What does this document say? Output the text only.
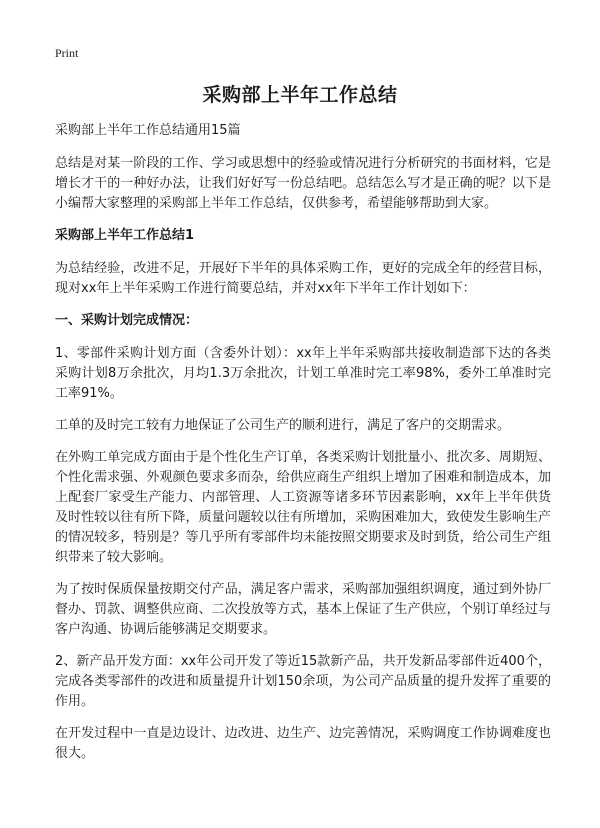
Print
采购部上半年工作总结

采购部上半年工作总结通用15篇

总结是对某一阶段的工作、学习或思想中的经验或情况进行分析研究的书面材料，它是增长才干的一种好办法，让我们好好写一份总结吧。总结怎么写才是正确的呢？以下是小编帮大家整理的采购部上半年工作总结，仅供参考，希望能够帮助到大家。

采购部上半年工作总结1

为总结经验，改进不足，开展好下半年的具体采购工作，更好的完成全年的经营目标，现对xx年上半年采购工作进行简要总结，并对xx年下半年工作计划如下：

一、采购计划完成情况：

1、零部件采购计划方面（含委外计划）：xx年上半年采购部共接收制造部下达的各类采购计划8万余批次，月均1.3万余批次，计划工单准时完工率98%，委外工单准时完工率91%。

工单的及时完工较有力地保证了公司生产的顺利进行，满足了客户的交期需求。

在外购工单完成方面由于是个性化生产订单，各类采购计划批量小、批次多、周期短、个性化需求强、外观颜色要求多而杂，给供应商生产组织上增加了困难和制造成本，加上配套厂家受生产能力、内部管理、人工资源等诸多环节因素影响，xx年上半年供货及时性较以往有所下降，质量问题较以往有所增加，采购困难加大，致使发生影响生产的情况较多，特别是？等几乎所有零部件均未能按照交期要求及时到货，给公司生产组织带来了较大影响。

为了按时保质保量按期交付产品，满足客户需求，采购部加强组织调度，通过到外协厂督办、罚款、调整供应商、二次投放等方式，基本上保证了生产供应，个别订单经过与客户沟通、协调后能够满足交期要求。

2、新产品开发方面：xx年公司开发了等近15款新产品，共开发新品零部件近400个，完成各类零部件的改进和质量提升计划150余项，为公司产品质量的提升发挥了重要的作用。

在开发过程中一直是边设计、边改进、边生产、边完善情况，采购调度工作协调难度也很大。
